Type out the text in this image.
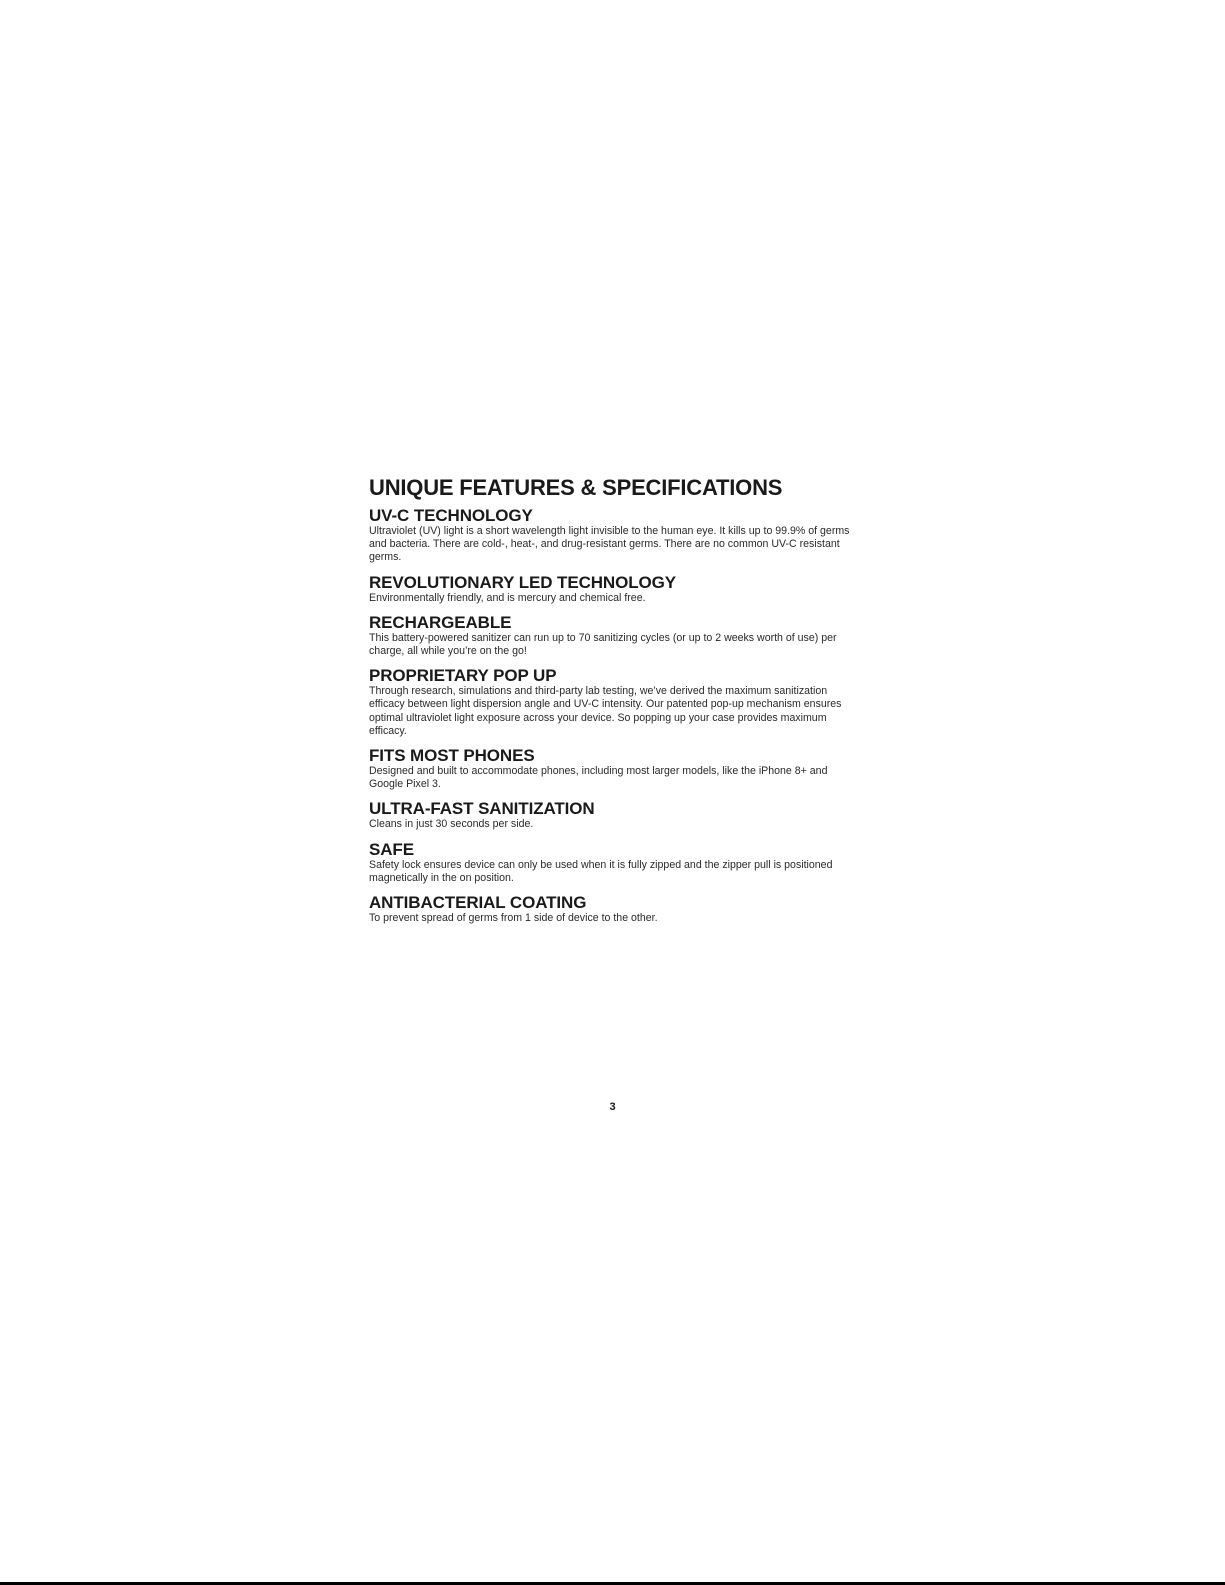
UNIQUE FEATURES & SPECIFICATIONS
UV-C TECHNOLOGY

Ultraviolet (UV) light is a short wavelength light invisible to the human eye. It kills up to 99.9% of germs and bacteria. There are cold-, heat-, and drug-resistant germs. There are no common UV-C resistant germs.

REVOLUTIONARY LED TECHNOLOGY

Environmentally friendly, and is mercury and chemical free.

RECHARGEABLE

This battery-powered sanitizer can run up to 70 sanitizing cycles (or up to 2 weeks worth of use) per charge, all while you’re on the go!

PROPRIETARY POP UP

Through research, simulations and third-party lab testing, we’ve derived the maximum sanitization efficacy between light dispersion angle and UV-C intensity. Our patented pop-up mechanism ensures optimal ultraviolet light exposure across your device. So popping up your case provides maximum efficacy.

FITS MOST PHONES

Designed and built to accommodate phones, including most larger models, like the iPhone 8+ and Google Pixel 3.

ULTRA-FAST SANITIZATION

Cleans in just 30 seconds per side.

SAFE

Safety lock ensures device can only be used when it is fully zipped and the zipper pull is positioned magnetically in the on position.

ANTIBACTERIAL COATING

To prevent spread of germs from 1 side of device to the other.

3
